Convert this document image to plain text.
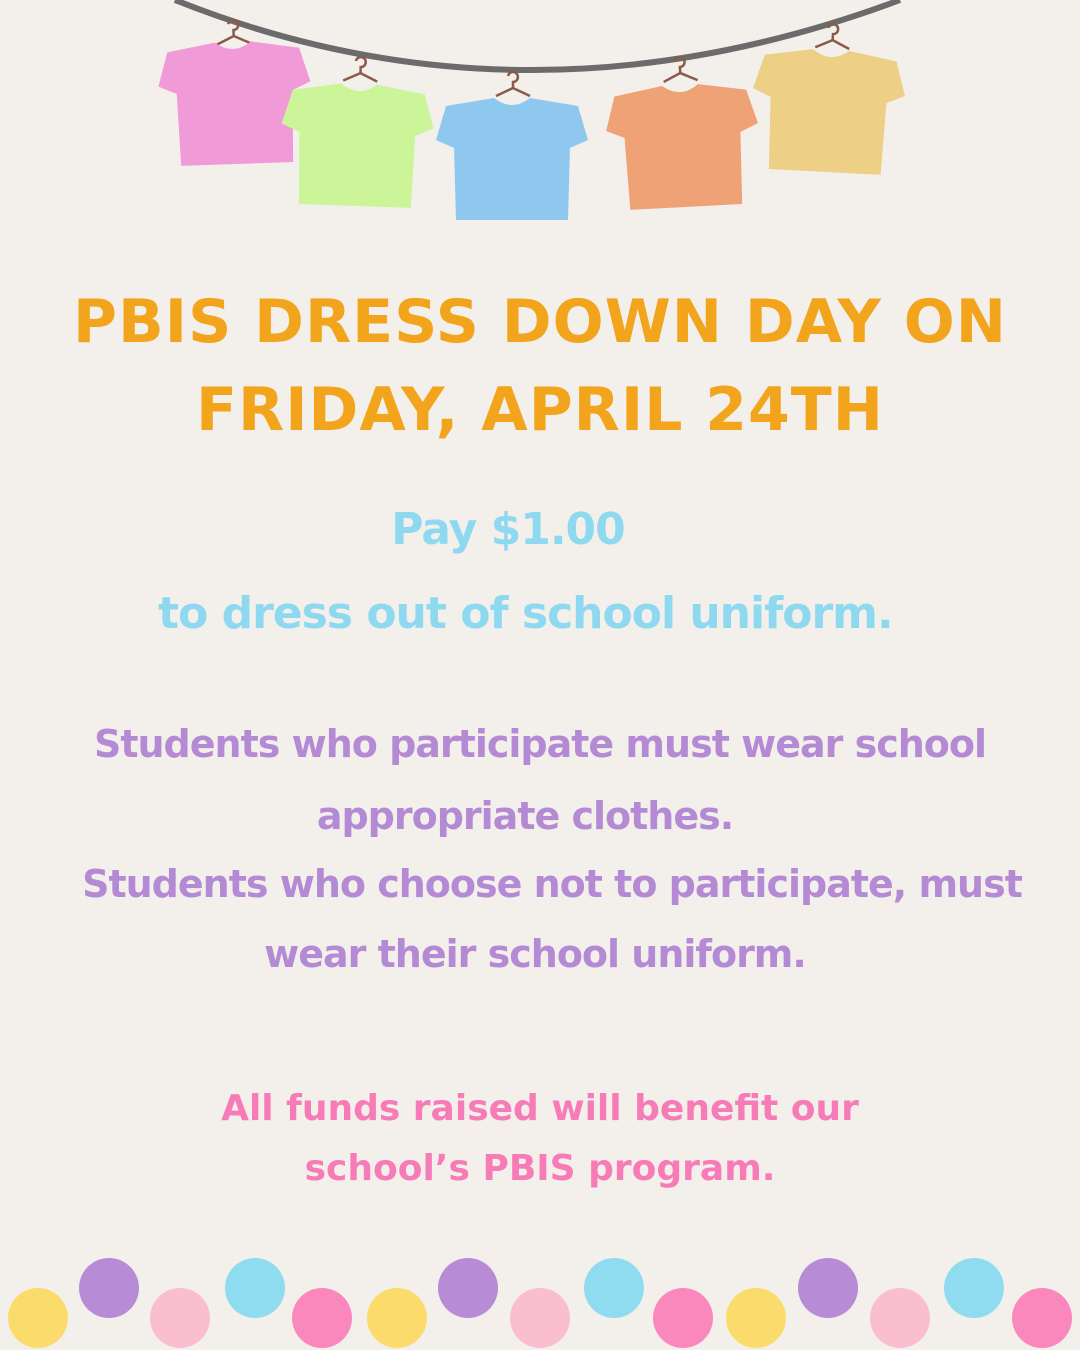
PBIS DRESS DOWN DAY ON
FRIDAY, APRIL 24TH

Pay $1.00

to dress out of school uniform.

Students who participate must wear school

appropriate clothes.

Students who choose not to participate, must

wear their school uniform.

All funds raised will benefit our

school’s PBIS program.
